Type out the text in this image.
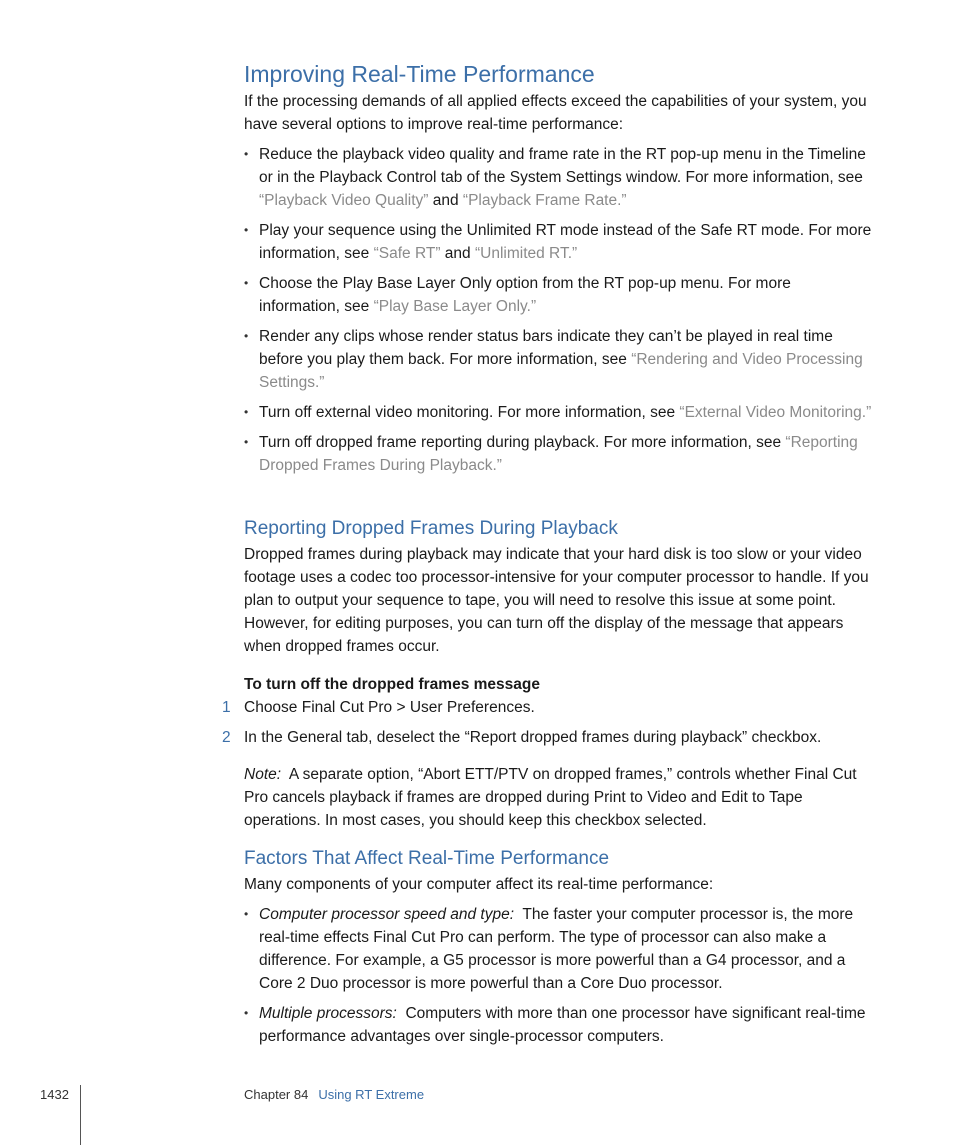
Improving Real-Time Performance

If the processing demands of all applied effects exceed the capabilities of your system, you have several options to improve real-time performance:

• Reduce the playback video quality and frame rate in the RT pop-up menu in the Timeline or in the Playback Control tab of the System Settings window. For more information, see “Playback Video Quality” and “Playback Frame Rate.”
• Play your sequence using the Unlimited RT mode instead of the Safe RT mode. For more information, see “Safe RT” and “Unlimited RT.”
• Choose the Play Base Layer Only option from the RT pop-up menu. For more information, see “Play Base Layer Only.”
• Render any clips whose render status bars indicate they can’t be played in real time before you play them back. For more information, see “Rendering and Video Processing Settings.”
• Turn off external video monitoring. For more information, see “External Video Monitoring.”
• Turn off dropped frame reporting during playback. For more information, see “Reporting Dropped Frames During Playback.”
Reporting Dropped Frames During Playback

Dropped frames during playback may indicate that your hard disk is too slow or your video footage uses a codec too processor-intensive for your computer processor to handle. If you plan to output your sequence to tape, you will need to resolve this issue at some point. However, for editing purposes, you can turn off the display of the message that appears when dropped frames occur.

To turn off the dropped frames message

1 Choose Final Cut Pro > User Preferences.
2 In the General tab, deselect the “Report dropped frames during playback” checkbox.

Note: A separate option, “Abort ETT/PTV on dropped frames,” controls whether Final Cut Pro cancels playback if frames are dropped during Print to Video and Edit to Tape operations. In most cases, you should keep this checkbox selected.

Factors That Affect Real-Time Performance

Many components of your computer affect its real-time performance:

• Computer processor speed and type: The faster your computer processor is, the more real-time effects Final Cut Pro can perform. The type of processor can also make a difference. For example, a G5 processor is more powerful than a G4 processor, and a Core 2 Duo processor is more powerful than a Core Duo processor.
• Multiple processors: Computers with more than one processor have significant real-time performance advantages over single-processor computers.
1432	Chapter 84 Using RT Extreme
